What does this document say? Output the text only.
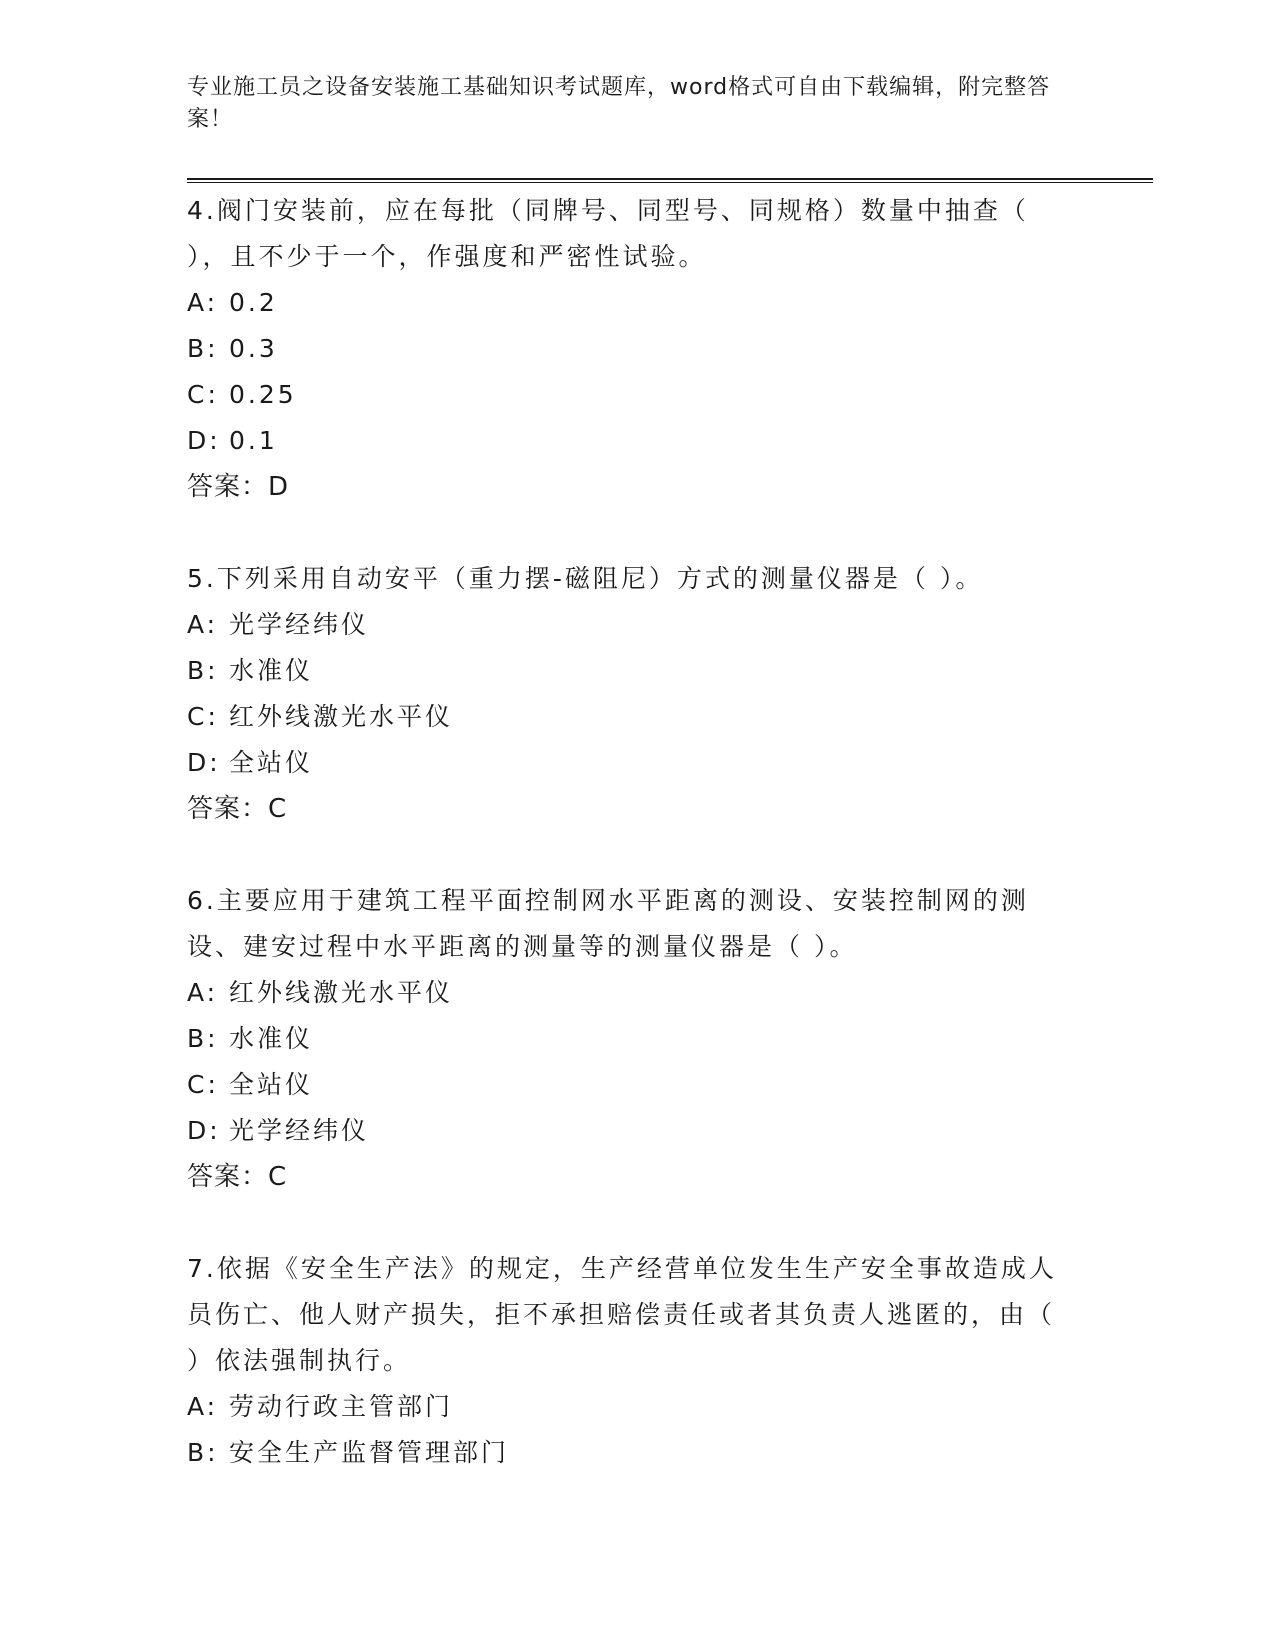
专业施工员之设备安装施工基础知识考试题库，word格式可自由下载编辑，附完整答案！

4.阀门安装前，应在每批（同牌号、同型号、同规格）数量中抽查（ ），且不少于一个，作强度和严密性试验。

A: 0.2

B: 0.3

C: 0.25

D: 0.1

答案：D

5.下列采用自动安平（重力摆-磁阻尼）方式的测量仪器是（ ）。

A: 光学经纬仪

B: 水准仪

C: 红外线激光水平仪

D: 全站仪

答案：C

6.主要应用于建筑工程平面控制网水平距离的测设、安装控制网的测设、建安过程中水平距离的测量等的测量仪器是（ ）。

A: 红外线激光水平仪

B: 水准仪

C: 全站仪

D: 光学经纬仪

答案：C

7.依据《安全生产法》的规定，生产经营单位发生生产安全事故造成人员伤亡、他人财产损失，拒不承担赔偿责任或者其负责人逃匿的，由（ ）依法强制执行。

A: 劳动行政主管部门

B: 安全生产监督管理部门
